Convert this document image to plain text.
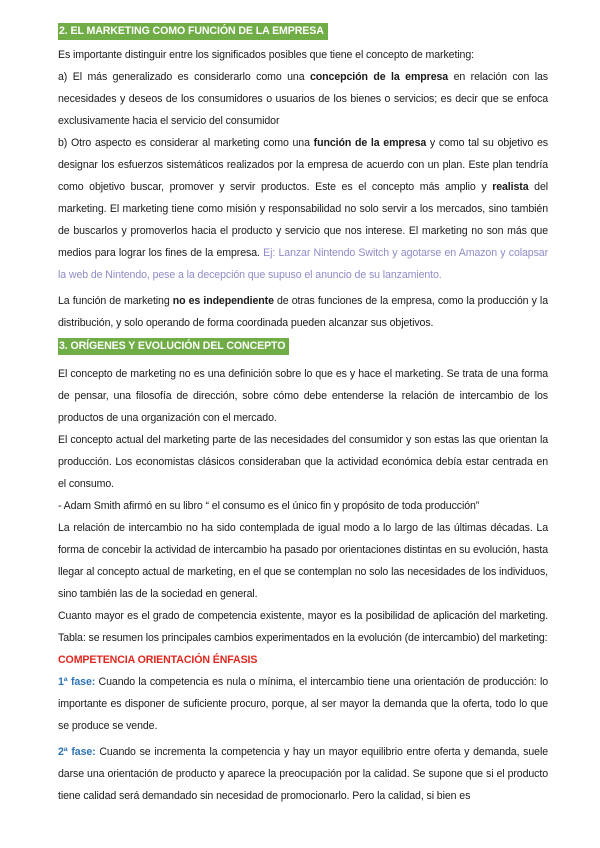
2. EL MARKETING COMO FUNCIÓN DE LA EMPRESA

Es importante distinguir entre los significados posibles que tiene el concepto de marketing:

a) El más generalizado es considerarlo como una concepción de la empresa en relación con las necesidades y deseos de los consumidores o usuarios de los bienes o servicios; es decir que se enfoca exclusivamente hacia el servicio del consumidor

b) Otro aspecto es considerar al marketing como una función de la empresa y como tal su objetivo es designar los esfuerzos sistemáticos realizados por la empresa de acuerdo con un plan. Este plan tendría como objetivo buscar, promover y servir productos. Este es el concepto más amplio y realista del marketing. El marketing tiene como misión y responsabilidad no solo servir a los mercados, sino también de buscarlos y promoverlos hacia el producto y servicio que nos interese. El marketing no son más que medios para lograr los fines de la empresa. Ej: Lanzar Nintendo Switch y agotarse en Amazon y colapsar la web de Nintendo, pese a la decepción que supuso el anuncio de su lanzamiento.

La función de marketing no es independiente de otras funciones de la empresa, como la producción y la distribución, y solo operando de forma coordinada pueden alcanzar sus objetivos.

3. ORÍGENES Y EVOLUCIÓN DEL CONCEPTO

El concepto de marketing no es una definición sobre lo que es y hace el marketing. Se trata de una forma de pensar, una filosofía de dirección, sobre cómo debe entenderse la relación de intercambio de los productos de una organización con el mercado.

El concepto actual del marketing parte de las necesidades del consumidor y son estas las que orientan la producción. Los economistas clásicos consideraban que la actividad económica debía estar centrada en el consumo.

- Adam Smith afirmó en su libro “ el consumo es el único fin y propósito de toda producción”

La relación de intercambio no ha sido contemplada de igual modo a lo largo de las últimas décadas. La forma de concebir la actividad de intercambio ha pasado por orientaciones distintas en su evolución, hasta llegar al concepto actual de marketing, en el que se contemplan no solo las necesidades de los individuos, sino también las de la sociedad en general.

Cuanto mayor es el grado de competencia existente, mayor es la posibilidad de aplicación del marketing. Tabla: se resumen los principales cambios experimentados en la evolución (de intercambio) del marketing:

COMPETENCIA ORIENTACIÓN ÉNFASIS

1ª fase: Cuando la competencia es nula o mínima, el intercambio tiene una orientación de producción: lo importante es disponer de suficiente procuro, porque, al ser mayor la demanda que la oferta, todo lo que se produce se vende.

2ª fase: Cuando se incrementa la competencia y hay un mayor equilibrio entre oferta y demanda, suele darse una orientación de producto y aparece la preocupación por la calidad. Se supone que si el producto tiene calidad será demandado sin necesidad de promocionarlo. Pero la calidad, si bien es
